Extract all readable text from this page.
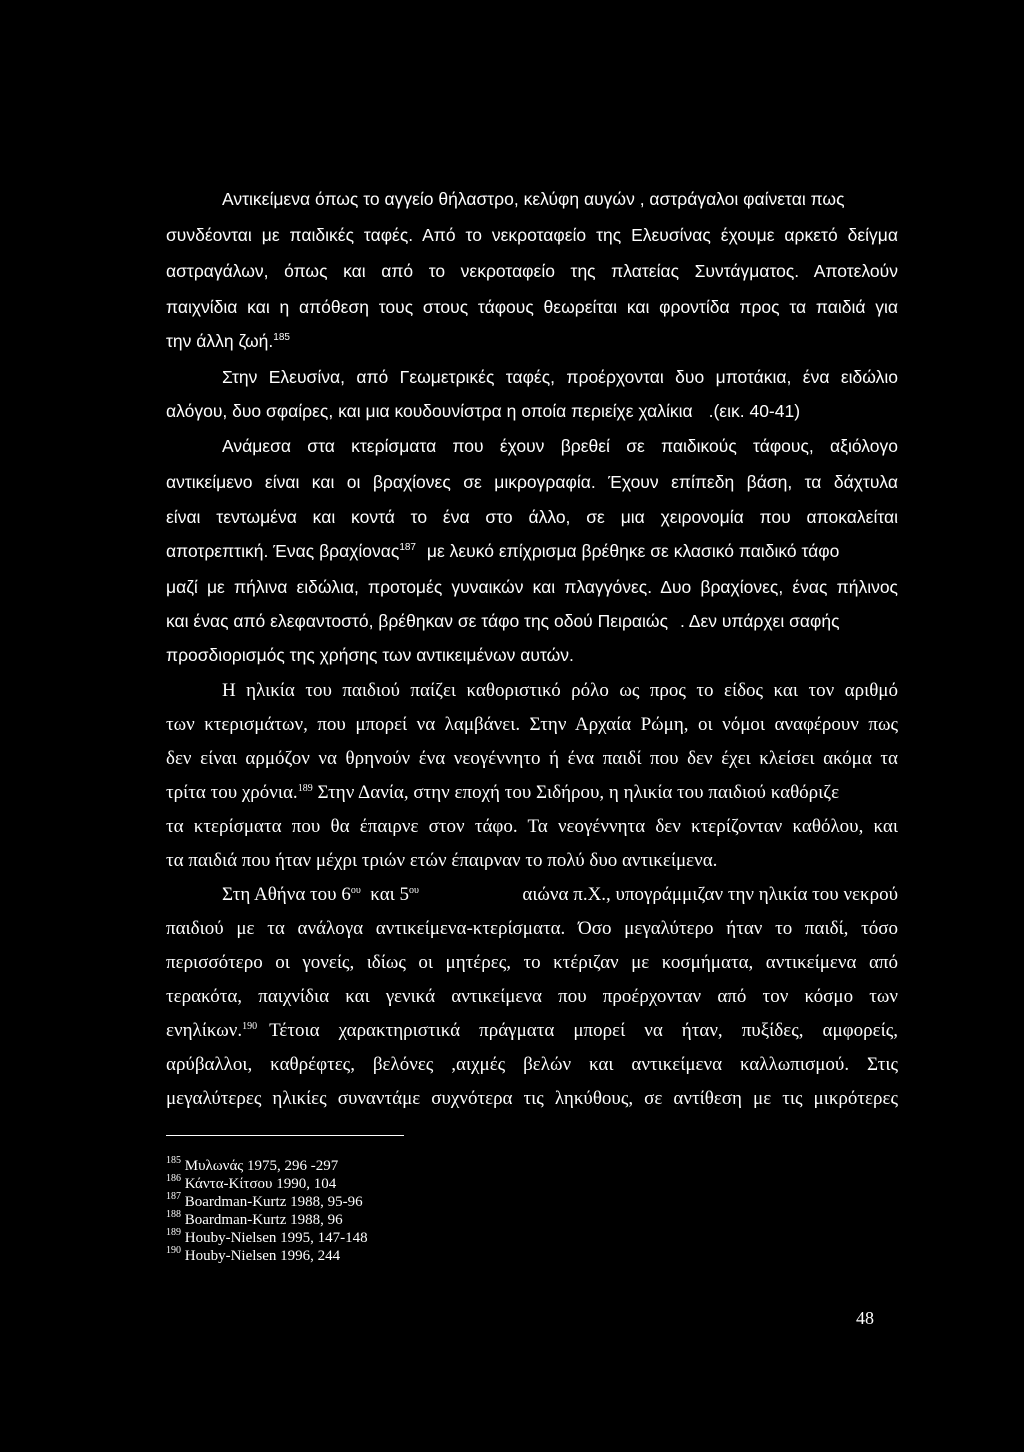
Αντικείμενα όπως το αγγείο θήλαστρο, κελύφη αυγών , αστράγαλοι φαίνεται πως
συνδέονται με παιδικές ταφές. Από το νεκροταφείο της Ελευσίνας έχουμε αρκετό δείγμα
αστραγάλων, όπως και από το νεκροταφείο της πλατείας Συντάγματος. Αποτελούν
παιχνίδια και η απόθεση τους στους τάφους θεωρείται και φροντίδα προς τα παιδιά για
την άλλη ζωή.$^{185}$
Στην Ελευσίνα, από Γεωμετρικές ταφές, προέρχονται δυο μποτάκια, ένα ειδώλιο
αλόγου, δυο σφαίρες, και μια κουδουνίστρα η οποία περιείχε χαλίκια .(εικ. 40-41)
Ανάμεσα στα κτερίσματα που έχουν βρεθεί σε παιδικούς τάφους, αξιόλογο
αντικείμενο είναι και οι βραχίονες σε μικρογραφία. Έχουν επίπεδη βάση, τα δάχτυλα
είναι τεντωμένα και κοντά το ένα στο άλλο, σε μια χειρονομία που αποκαλείται
αποτρεπτική. Ένας βραχίονας$^{187}$ με λευκό επίχρισμα βρέθηκε σε κλασικό παιδικό τάφο
μαζί με πήλινα ειδώλια, προτομές γυναικών και πλαγγόνες. Δυο βραχίονες, ένας πήλινος
και ένας από ελεφαντοστό, βρέθηκαν σε τάφο της οδού Πειραιώς . Δεν υπάρχει σαφής
προσδιορισμός της χρήσης των αντικειμένων αυτών.
Η ηλικία του παιδιού παίζει καθοριστικό ρόλο ως προς το είδος και τον αριθμό
των κτερισμάτων, που μπορεί να λαμβάνει. Στην Αρχαία Ρώμη, οι νόμοι αναφέρουν πως
δεν είναι αρμόζον να θρηνούν ένα νεογέννητο ή ένα παιδί που δεν έχει κλείσει ακόμα τα
τρίτα του χρόνια.$^{189}$ Στην Δανία, στην εποχή του Σιδήρου, η ηλικία του παιδιού καθόριζε
τα κτερίσματα που θα έπαιρνε στον τάφο. Τα νεογέννητα δεν κτερίζονταν καθόλου, και
τα παιδιά που ήταν μέχρι τριών ετών έπαιρναν το πολύ δυο αντικείμενα.
Στη Αθήνα του $6^{o\upsilon}$ και $5^{o\upsilon}$	αιώνα π.Χ., υπογράμμιζαν την ηλικία του νεκρού
παιδιού με τα ανάλογα αντικείμενα-κτερίσματα. Όσο μεγαλύτερο ήταν το παιδί, τόσο
περισσότερο οι γονείς, ιδίως οι μητέρες, το κτέριζαν με κοσμήματα, αντικείμενα από
τερακότα, παιχνίδια και γενικά αντικείμενα που προέρχονταν από τον κόσμο των
ενηλίκων.$^{190}$ Τέτοια χαρακτηριστικά πράγματα μπορεί να ήταν, πυξίδες, αμφορείς,
αρύβαλλοι, καθρέφτες, βελόνες ,αιχμές βελών και αντικείμενα καλλωπισμού. Στις
μεγαλύτερες ηλικίες συναντάμε συχνότερα τις ληκύθους, σε αντίθεση με τις μικρότερες
$^{185}$ Μυλωνάς 1975, 296 -297
$^{186}$ Κάντα-Κίτσου 1990, 104
$^{187}$ Boardman-Kurtz 1988, 95-96
$^{188}$ Boardman-Kurtz 1988, 96
$^{189}$ Houby-Nielsen 1995, 147-148
$^{190}$ Houby-Nielsen 1996, 244
48
